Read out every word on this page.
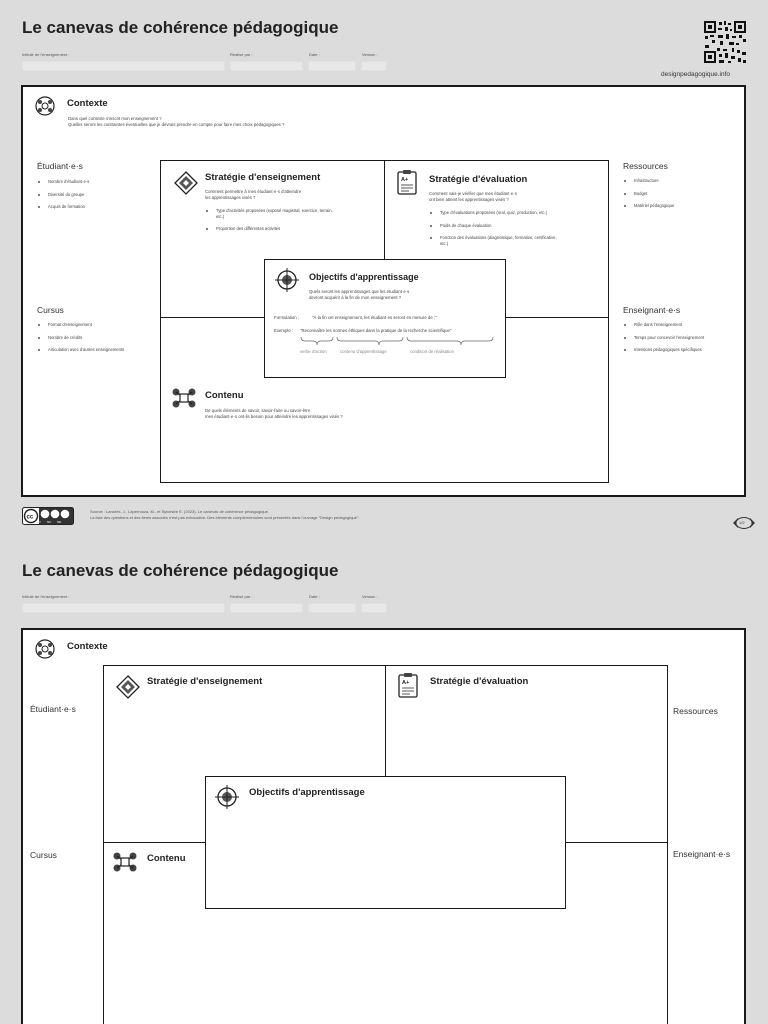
Le canevas de cohérence pédagogique
Intitulé de l'enseignement :	Réalisé par :	Date :	Version :
designpedagogique.info
Contexte
Dans quel contexte s'inscrit mon enseignement ?
Quelles seront les contraintes éventuelles que je devrais prendre en compte pour faire mes choix pédagogiques ?
Étudiant·e·s
Nombre d'étudiant·e·s
Diversité du groupe
Acquis de formation
Cursus
Format d'enseignement
Nombre de crédits
Articulation avec d'autres enseignements
Ressources
Infrastructure
Budget
Matériel pédagogique
Enseignant·e·s
Rôle dans l'enseignement
Temps pour concevoir l'enseignement
Intentions pédagogiques spécifiques
Stratégie d'enseignement
Comment permettre à mes étudiant·e·s d'atteindre
les apprentissages visés ?
Type d'activités proposées (exposé magistral, exercice, terrain, etc.)
Proportion des différentes activités
A+ Stratégie d'évaluation
Comment vais-je vérifier que mes étudiant·e·s
ont bien atteint les apprentissages visés ?
Type d'évaluations proposées (oral, quiz, production, etc.)
Poids de chaque évaluation
Fonction des évaluations (diagnostique, formative, certificative, etc.)
Contenu
De quels éléments de savoir, savoir-faire ou savoir-être
mes étudiant·e·s ont-ils besoin pour atteindre les apprentissages visés ?
Objectifs d'apprentissage
Quels seront les apprentissages que les étudiant·e·s
devront acquérir à la fin de mon enseignement ?
Formulation :	"À la fin cet enseignement, les étudiant·es seront en mesure de :"
Exemple : "Reconnaître les normes éthiques dans la pratique de la recherche scientifique"
verbe d'action	contenu d'apprentissage	condition de réalisation
cc
BY NC ND
Source : Lanarès, J., Laperrouza, M., et Sylvestre E. (2023). Le canevas de cohérence pédagogique.
La liste des questions et des items associés n'est pas exhaustive. Des éléments complémentaires sont présentés dans l'ouvrage "Design pédagogique".
1/2
Le canevas de cohérence pédagogique
Intitulé de l'enseignement :	Réalisé par :	Date :	Version :
Contexte
Étudiant·e·s
Cursus
Ressources
Enseignant·e·s
Stratégie d'enseignement	A+ Stratégie d'évaluation
Contenu
Objectifs d'apprentissage
